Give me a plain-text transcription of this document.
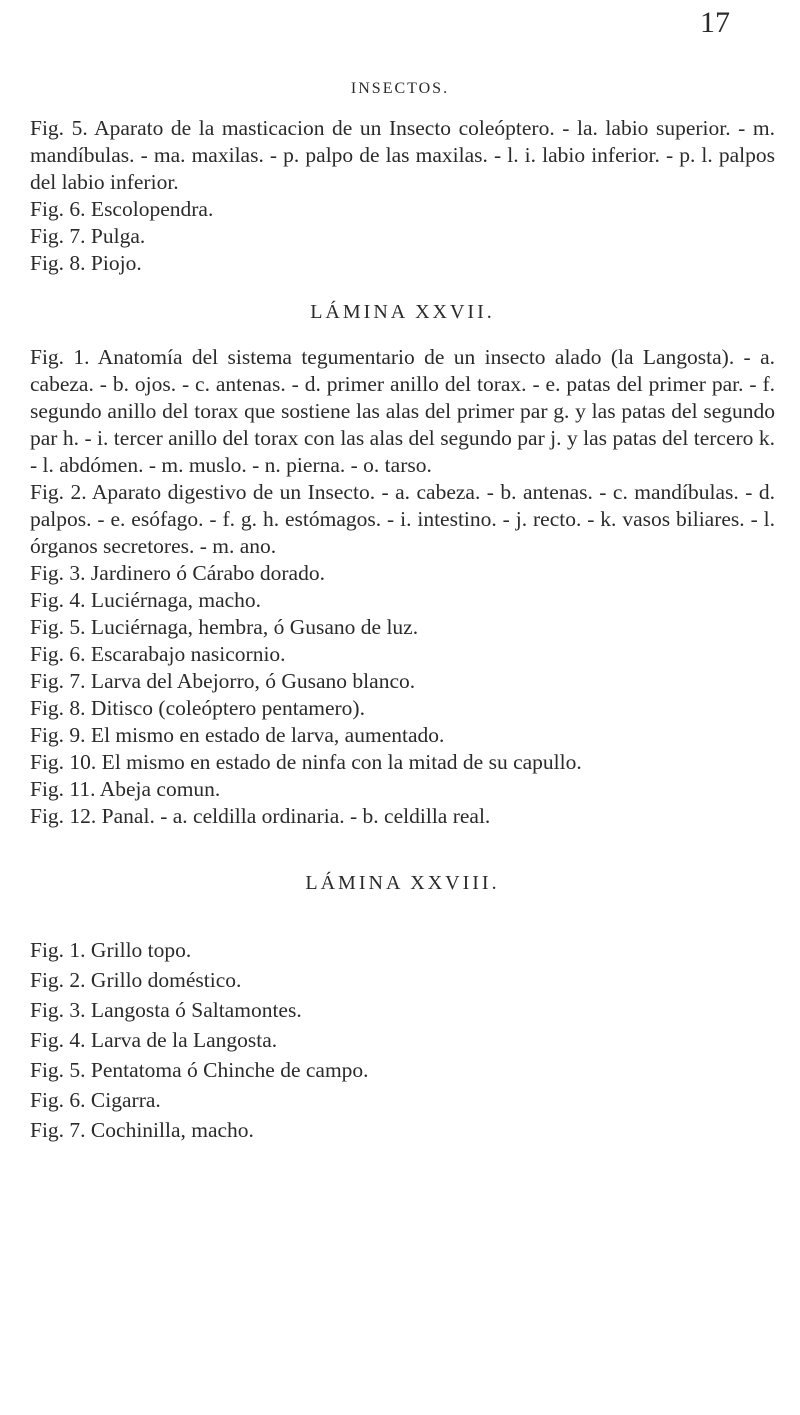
17
INSECTOS.

Fig. 5. Aparato de la masticacion de un Insecto coleóptero. - la. labio superior. - m. mandíbulas. - ma. maxilas. - p. palpo de las maxilas. - l. i. labio inferior. - p. l. palpos del labio inferior.

Fig. 6. Escolopendra.

Fig. 7. Pulga.

Fig. 8. Piojo.

LÁMINA XXVII.

Fig. 1. Anatomía del sistema tegumentario de un insecto alado (la Langosta). - a. cabeza. - b. ojos. - c. antenas. - d. primer anillo del torax. - e. patas del primer par. - f. segundo anillo del torax que sostiene las alas del primer par g. y las patas del segundo par h. - i. tercer anillo del torax con las alas del segundo par j. y las patas del tercero k. - l. abdómen. - m. muslo. - n. pierna. - o. tarso.

Fig. 2. Aparato digestivo de un Insecto. - a. cabeza. - b. antenas. - c. mandíbulas. - d. palpos. - e. esófago. - f. g. h. estómagos. - i. intestino. - j. recto. - k. vasos biliares. - l. órganos secretores. - m. ano.

Fig. 3. Jardinero ó Cárabo dorado.

Fig. 4. Luciérnaga, macho.

Fig. 5. Luciérnaga, hembra, ó Gusano de luz.

Fig. 6. Escarabajo nasicornio.

Fig. 7. Larva del Abejorro, ó Gusano blanco.

Fig. 8. Ditisco (coleóptero pentamero).

Fig. 9. El mismo en estado de larva, aumentado.

Fig. 10. El mismo en estado de ninfa con la mitad de su capullo.

Fig. 11. Abeja comun.

Fig. 12. Panal. - a. celdilla ordinaria. - b. celdilla real.

LÁMINA XXVIII.

Fig. 1. Grillo topo.

Fig. 2. Grillo doméstico.

Fig. 3. Langosta ó Saltamontes.

Fig. 4. Larva de la Langosta.

Fig. 5. Pentatoma ó Chinche de campo.

Fig. 6. Cigarra.

Fig. 7. Cochinilla, macho.
